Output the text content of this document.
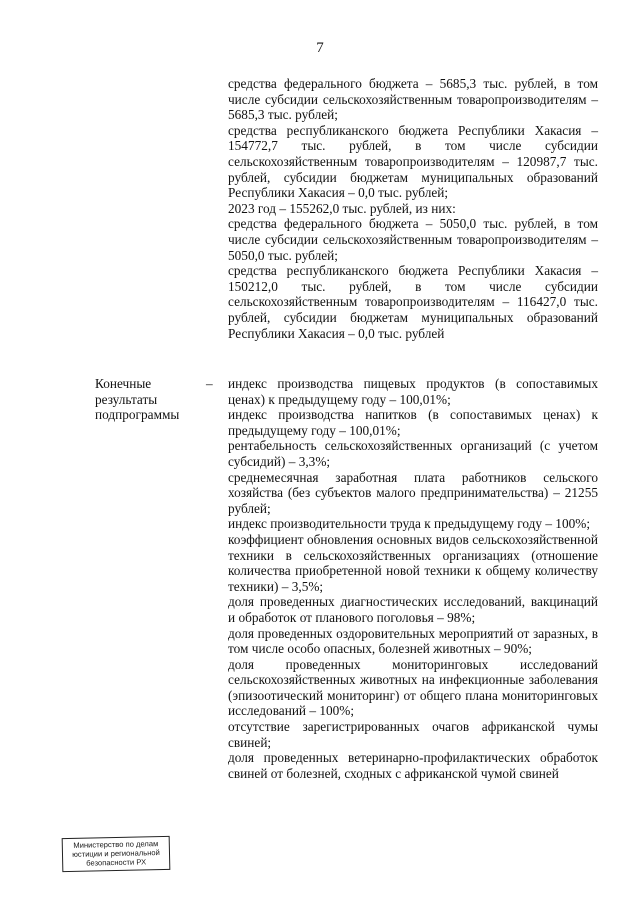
7

средства федерального бюджета – 5685,3 тыс. рублей, в том числе субсидии сельскохозяйственным товаропроизводителям – 5685,3 тыс. рублей;

средства республиканского бюджета Республики Хакасия – 154772,7 тыс. рублей, в том числе субсидии сельскохозяйственным товаропроизводителям – 120987,7 тыс. рублей, субсидии бюджетам муниципальных образований Республики Хакасия – 0,0 тыс. рублей;

2023 год – 155262,0 тыс. рублей, из них:

средства федерального бюджета – 5050,0 тыс. рублей, в том числе субсидии сельскохозяйственным товаропроизводителям – 5050,0 тыс. рублей;

средства республиканского бюджета Республики Хакасия – 150212,0 тыс. рублей, в том числе субсидии сельскохозяйственным товаропроизводителям – 116427,0 тыс. рублей, субсидии бюджетам муниципальных образований Республики Хакасия – 0,0 тыс. рублей

Конечные
результаты
подпрограммы
– индекс производства пищевых продуктов (в сопоставимых ценах) к предыдущему году – 100,01%;

индекс производства напитков (в сопоставимых ценах) к предыдущему году – 100,01%;

рентабельность сельскохозяйственных организаций (с учетом субсидий) – 3,3%;

среднемесячная заработная плата работников сельского хозяйства (без субъектов малого предпринимательства) – 21255 рублей;

индекс производительности труда к предыдущему году – 100%;

коэффициент обновления основных видов сельскохозяйственной техники в сельскохозяйственных организациях (отношение количества приобретенной новой техники к общему количеству техники) – 3,5%;

доля проведенных диагностических исследований, вакцинаций и обработок от планового поголовья – 98%;

доля проведенных оздоровительных мероприятий от заразных, в том числе особо опасных, болезней животных – 90%;

доля проведенных мониторинговых исследований сельскохозяйственных животных на инфекционные заболевания (эпизоотический мониторинг) от общего плана мониторинговых исследований – 100%;

отсутствие зарегистрированных очагов африканской чумы свиней;

доля проведенных ветеринарно-профилактических обработок свиней от болезней, сходных с африканской чумой свиней

Министерство по делам
юстиции и региональной
безопасности РХ
